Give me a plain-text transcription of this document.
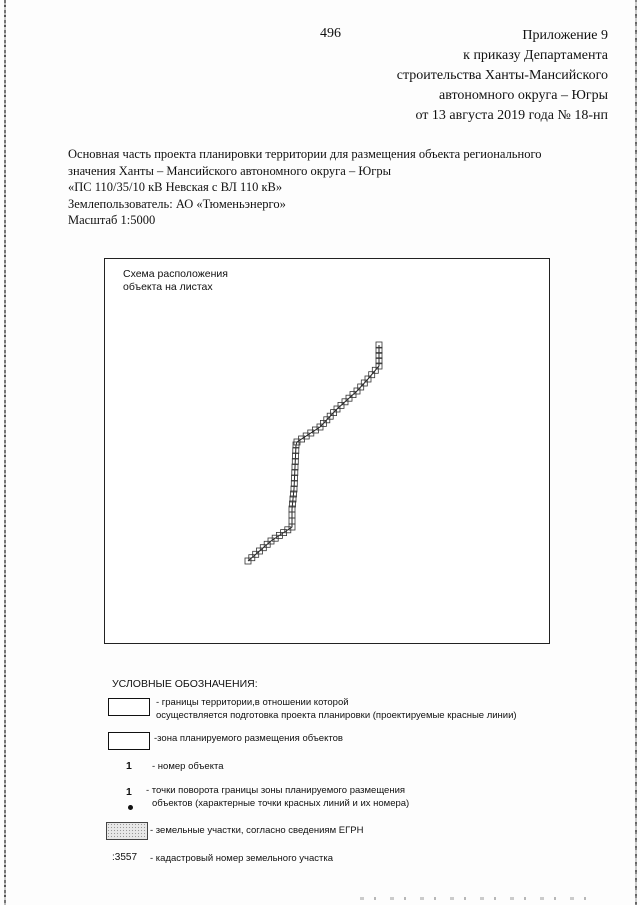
496	Приложение 9
к приказу Департамента
строительства Ханты-Мансийского
автономного округа – Югры
от 13 августа 2019 года № 18-нп
Основная часть проекта планировки территории для размещения объекта регионального
значения Ханты – Мансийского автономного округа – Югры
«ПС 110/35/10 кВ Невская с ВЛ 110 кВ»
Землепользователь: АО «Тюменьэнерго»
Масштаб 1:5000
Схема расположения
объекта на листах
УСЛОВНЫЕ ОБОЗНАЧЕНИЯ:
- границы территории,в отношении которой
осуществляется подготовка проекта планировки (проектируемые красные линии)
-зона планируемого размещения объектов
1 - номер объекта
1 - точки поворота границы зоны планируемого размещения
объектов (характерные точки красных линий и их номера)
- земельные участки, согласно сведениям ЕГРН
:3557 - кадастровый номер земельного участка
